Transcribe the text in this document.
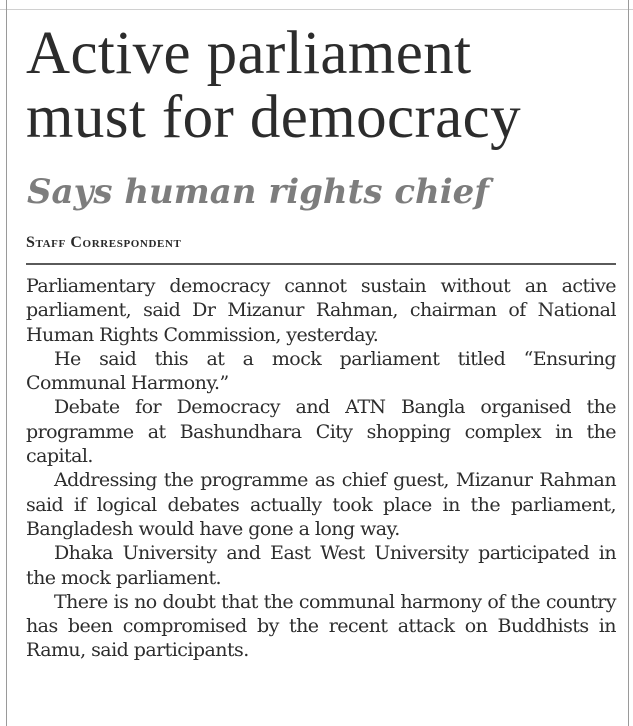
Active parliament
must for democracy
Says human rights chief
Staff Correspondent

Parliamentary democracy cannot sustain without an active parliament, said Dr Mizanur Rahman, chairman of National Human Rights Commission, yesterday.

He said this at a mock parliament titled “Ensuring Communal Harmony.”

Debate for Democracy and ATN Bangla organised the programme at Bashundhara City shopping complex in the capital.

Addressing the programme as chief guest, Mizanur Rahman said if logical debates actually took place in the parliament, Bangladesh would have gone a long way.

Dhaka University and East West University participated in the mock parliament.

There is no doubt that the communal harmony of the country has been compromised by the recent attack on Buddhists in Ramu, said participants.
